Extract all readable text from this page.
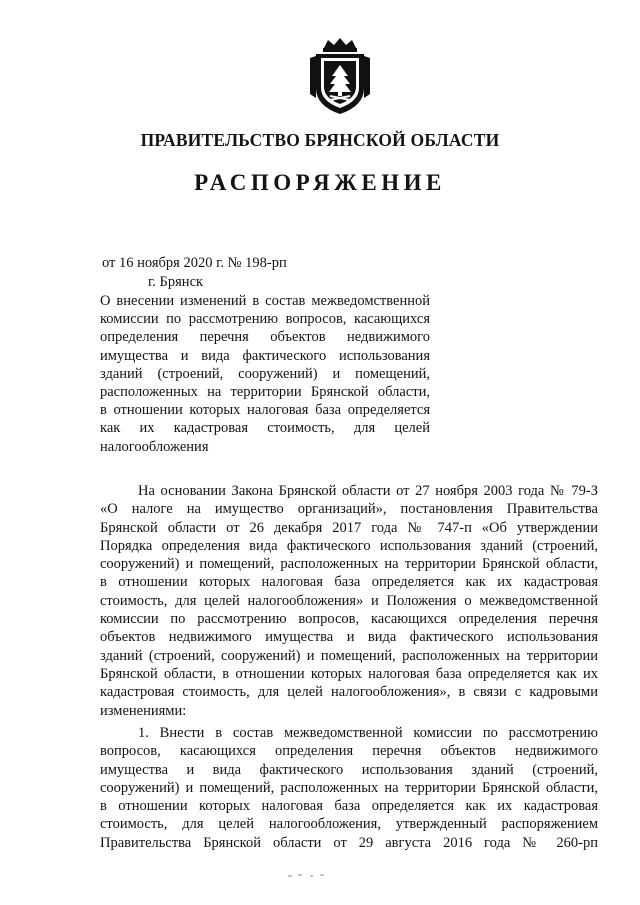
ПРАВИТЕЛЬСТВО БРЯНСКОЙ ОБЛАСТИ
РАСПОРЯЖЕНИЕ
от 16 ноября 2020 г. № 198-рп
г. Брянск
О внесении изменений в состав межведомственной
комиссии по рассмотрению вопросов, касающихся
определения перечня объектов недвижимого
имущества и вида фактического использования
зданий (строений, сооружений) и помещений,
расположенных на территории Брянской области,
в отношении которых налоговая база определяется
как их кадастровая стоимость, для целей
налогообложения
На основании Закона Брянской области от 27 ноября 2003 года № 79-З
«О налоге на имущество организаций», постановления Правительства
Брянской области от 26 декабря 2017 года № 747-п «Об утверждении
Порядка определения вида фактического использования зданий (строений,
сооружений) и помещений, расположенных на территории Брянской области,
в отношении которых налоговая база определяется как их кадастровая
стоимость, для целей налогообложения» и Положения о межведомственной
комиссии по рассмотрению вопросов, касающихся определения перечня
объектов недвижимого имущества и вида фактического использования
зданий (строений, сооружений) и помещений, расположенных на территории
Брянской области, в отношении которых налоговая база определяется как их
кадастровая стоимость, для целей налогообложения», в связи с кадровыми
изменениями:
1. Внести в состав межведомственной комиссии по рассмотрению
вопросов, касающихся определения перечня объектов недвижимого
имущества и вида фактического использования зданий (строений,
сооружений) и помещений, расположенных на территории Брянской области,
в отношении которых налоговая база определяется как их кадастровая
стоимость, для целей налогообложения, утвержденный распоряжением
Правительства Брянской области от 29 августа 2016 года № 260-рп
